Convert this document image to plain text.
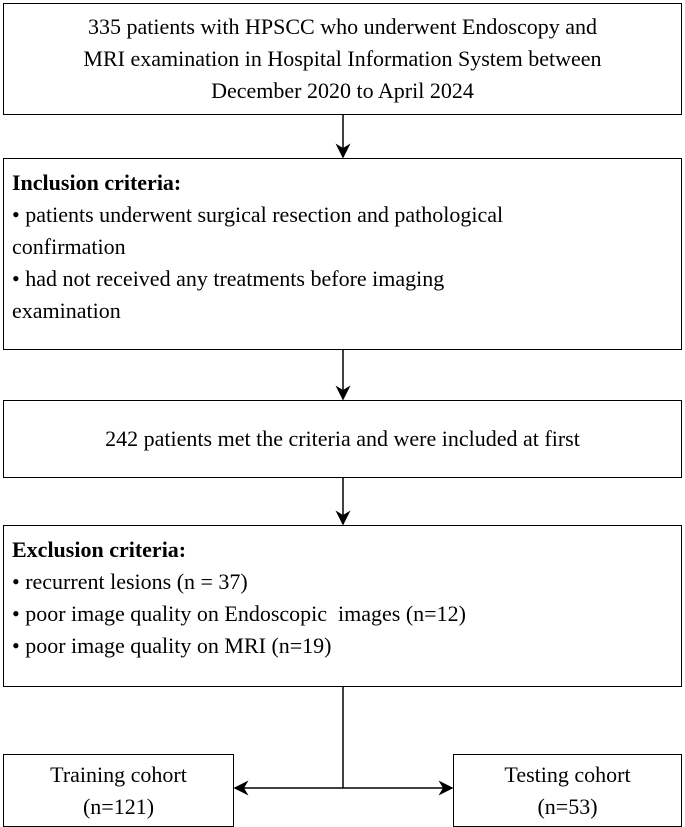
335 patients with HPSCC who underwent Endoscopy and
MRI examination in Hospital Information System between
December 2020 to April 2024
Inclusion criteria:
• patients underwent surgical resection and pathological
confirmation
• had not received any treatments before imaging
examination
242 patients met the criteria and were included at first
Exclusion criteria:
• recurrent lesions (n = 37)
• poor image quality on Endoscopic  images (n=12)
• poor image quality on MRI (n=19)
Training cohort
(n=121)
Testing cohort
(n=53)
